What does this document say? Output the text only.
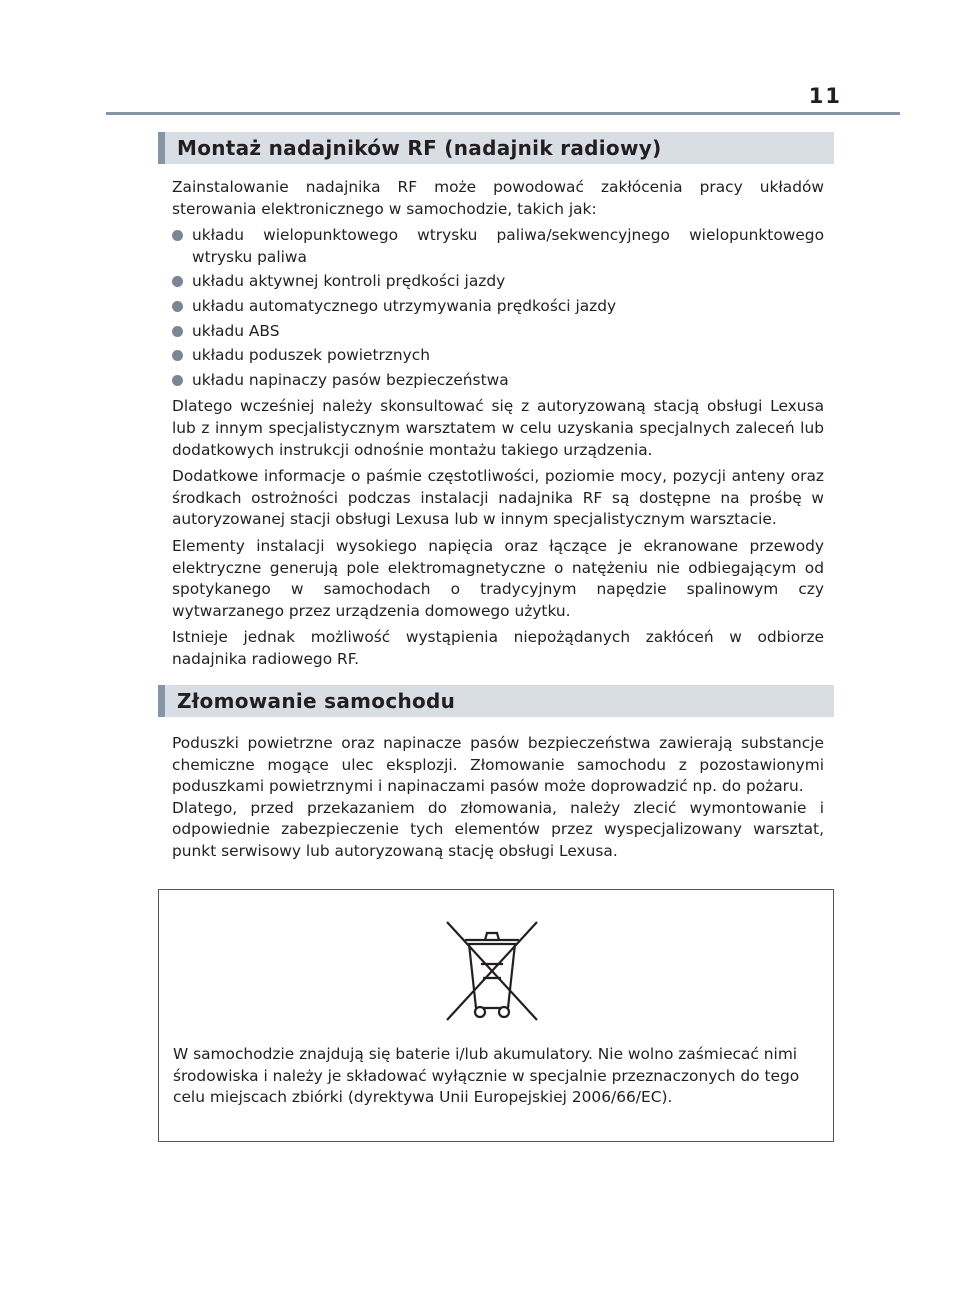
11
Montaż nadajników RF (nadajnik radiowy)

Zainstalowanie nadajnika RF może powodować zakłócenia pracy układów sterowania elektronicznego w samochodzie, takich jak:

układu wielopunktowego wtrysku paliwa/sekwencyjnego wielopunktowego wtrysku paliwa
układu aktywnej kontroli prędkości jazdy
układu automatycznego utrzymywania prędkości jazdy
układu ABS
układu poduszek powietrznych
układu napinaczy pasów bezpieczeństwa

Dlatego wcześniej należy skonsultować się z autoryzowaną stacją obsługi Lexusa lub z innym specjalistycznym warsztatem w celu uzyskania specjalnych zaleceń lub dodatkowych instrukcji odnośnie montażu takiego urządzenia.

Dodatkowe informacje o paśmie częstotliwości, poziomie mocy, pozycji anteny oraz środkach ostrożności podczas instalacji nadajnika RF są dostępne na prośbę w autoryzowanej stacji obsługi Lexusa lub w innym specjalistycznym warsztacie.

Elementy instalacji wysokiego napięcia oraz łączące je ekranowane przewody elektryczne generują pole elektromagnetyczne o natężeniu nie odbiegającym od spotykanego w samochodach o tradycyjnym napędzie spalinowym czy wytwarzanego przez urządzenia domowego użytku.

Istnieje jednak możliwość wystąpienia niepożądanych zakłóceń w odbiorze nadajnika radiowego RF.

Złomowanie samochodu

Poduszki powietrzne oraz napinacze pasów bezpieczeństwa zawierają substancje chemiczne mogące ulec eksplozji. Złomowanie samochodu z pozostawionymi poduszkami powietrznymi i napinaczami pasów może doprowadzić np. do pożaru.

Dlatego, przed przekazaniem do złomowania, należy zlecić wymontowanie i odpowiednie zabezpieczenie tych elementów przez wyspecjalizowany warsztat, punkt serwisowy lub autoryzowaną stację obsługi Lexusa.

W samochodzie znajdują się baterie i/lub akumulatory. Nie wolno zaśmiecać nimi środowiska i należy je składować wyłącznie w specjalnie przeznaczonych do tego celu miejscach zbiórki (dyrektywa Unii Europejskiej 2006/66/EC).
